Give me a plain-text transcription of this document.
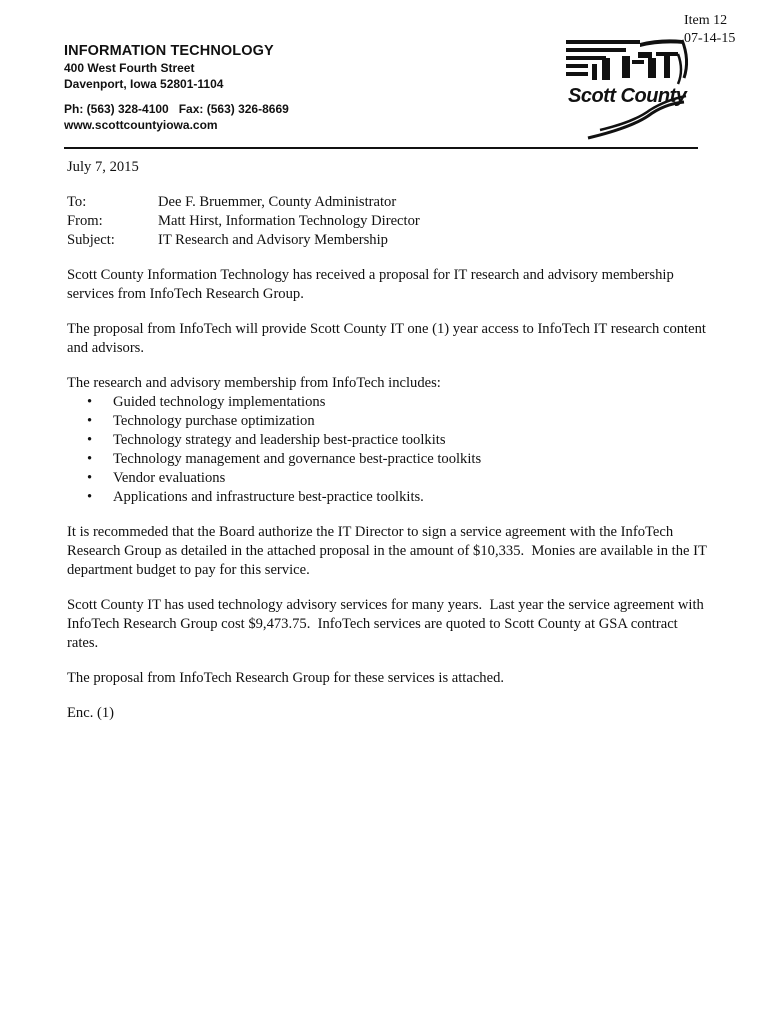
Item 12
07-14-15
INFORMATION TECHNOLOGY
400 West Fourth Street
Davenport, Iowa 52801-1104
Ph: (563) 328-4100   Fax: (563) 326-8669
www.scottcountyiowa.com
Scott County
July 7, 2015
To:	Dee F. Bruemmer, County Administrator
From:	Matt Hirst, Information Technology Director
Subject:	IT Research and Advisory Membership

Scott County Information Technology has received a proposal for IT research and advisory membership services from InfoTech Research Group.

The proposal from InfoTech will provide Scott County IT one (1) year access to InfoTech IT research content and advisors.

The research and advisory membership from InfoTech includes:
• Guided technology implementations
• Technology purchase optimization
• Technology strategy and leadership best-practice toolkits
• Technology management and governance best-practice toolkits
• Vendor evaluations
• Applications and infrastructure best-practice toolkits.

It is recommeded that the Board authorize the IT Director to sign a service agreement with the InfoTech Research Group as detailed in the attached proposal in the amount of $10,335.  Monies are available in the IT department budget to pay for this service.

Scott County IT has used technology advisory services for many years.  Last year the service agreement with InfoTech Research Group cost $9,473.75.  InfoTech services are quoted to Scott County at GSA contract rates.

The proposal from InfoTech Research Group for these services is attached.

Enc. (1)
